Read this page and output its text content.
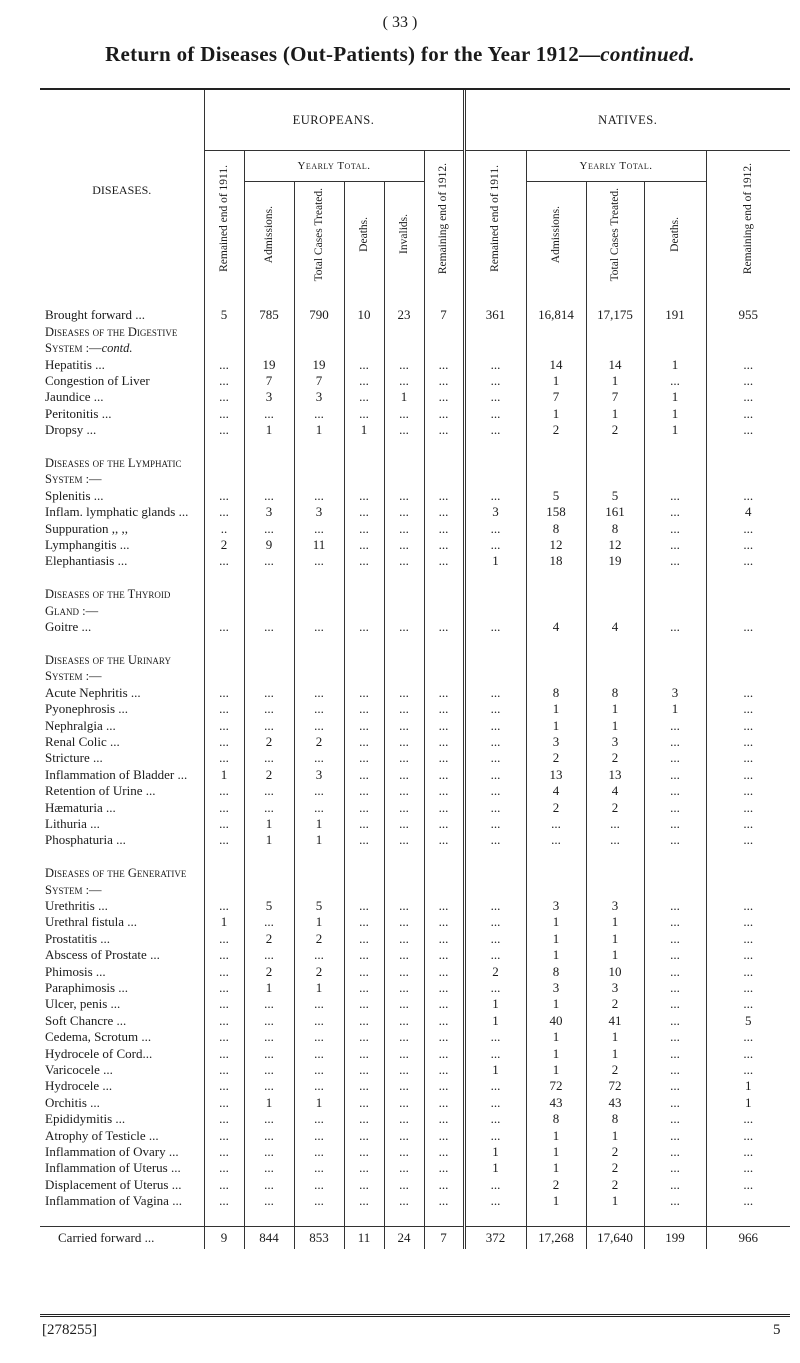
( 33 )
Return of Diseases (Out-Patients) for the Year 1912—continued.
DISEASES.	EUROPEANS.						NATIVES.				
	Remained end of 1911.	Yearly Total.				Remaining end of 1912.	Remained end of 1911.	Yearly Total.			Remaining end of 1912.
		Admissions.	Total Cases Treated.	Deaths.	Invalids.			Admissions.	Total Cases Treated.	Deaths.	

Brought forward ...	5	785	790	10	23	7	361	16,814	17,175	191	955
Diseases of the Digestive											
System :—contd.											
Hepatitis ...	...	19	19	...	...	...	...	14	14	1	...
Congestion of Liver	...	7	7	...	...	...	...	1	1	...	...
Jaundice ...	...	3	3	...	1	...	...	7	7	1	...
Peritonitis ...	...	...	...	...	...	...	...	1	1	1	...
Dropsy ...	...	1	1	1	...	...	...	2	2	1	...

Diseases of the Lymphatic											
System :—											
Splenitis ...	...	...	...	...	...	...	...	5	5	...	...
Inflam. lymphatic glands ...	...	3	3	...	...	...	3	158	161	...	4
Suppuration ,, ,,	..	...	...	...	...	...	...	8	8	...	...
Lymphangitis ...	2	9	11	...	...	...	...	12	12	...	...
Elephantiasis ...	...	...	...	...	...	...	1	18	19	...	...

Diseases of the Thyroid											
Gland :—											
Goitre ...	...	...	...	...	...	...	...	4	4	...	...

Diseases of the Urinary											
System :—											
Acute Nephritis ...	...	...	...	...	...	...	...	8	8	3	...
Pyonephrosis ...	...	...	...	...	...	...	...	1	1	1	...
Nephralgia ...	...	...	...	...	...	...	...	1	1	...	...
Renal Colic ...	...	2	2	...	...	...	...	3	3	...	...
Stricture ...	...	...	...	...	...	...	...	2	2	...	...
Inflammation of Bladder ...	1	2	3	...	...	...	...	13	13	...	...
Retention of Urine ...	...	...	...	...	...	...	...	4	4	...	...
Hæmaturia ...	...	...	...	...	...	...	...	2	2	...	...
Lithuria ...	...	1	1	...	...	...	...	...	...	...	...
Phosphaturia ...	...	1	1	...	...	...	...	...	...	...	...

Diseases of the Generative											
System :—											
Urethritis ...	...	5	5	...	...	...	...	3	3	...	...
Urethral fistula ...	1	...	1	...	...	...	...	1	1	...	...
Prostatitis ...	...	2	2	...	...	...	...	1	1	...	...
Abscess of Prostate ...	...	...	...	...	...	...	...	1	1	...	...
Phimosis ...	...	2	2	...	...	...	2	8	10	...	...
Paraphimosis ...	...	1	1	...	...	...	...	3	3	...	...
Ulcer, penis ...	...	...	...	...	...	...	1	1	2	...	...
Soft Chancre ...	...	...	...	...	...	...	1	40	41	...	5
Cedema, Scrotum ...	...	...	...	...	...	...	...	1	1	...	...
Hydrocele of Cord...	...	...	...	...	...	...	...	1	1	...	...
Varicocele ...	...	...	...	...	...	...	1	1	2	...	...
Hydrocele ...	...	...	...	...	...	...	...	72	72	...	1
Orchitis ...	...	1	1	...	...	...	...	43	43	...	1
Epididymitis ...	...	...	...	...	...	...	...	8	8	...	...
Atrophy of Testicle ...	...	...	...	...	...	...	...	1	1	...	...
Inflammation of Ovary ...	...	...	...	...	...	...	1	1	2	...	...
Inflammation of Uterus ...	...	...	...	...	...	...	1	1	2	...	...
Displacement of Uterus ...	...	...	...	...	...	...	...	2	2	...	...
Inflammation of Vagina ...	...	...	...	...	...	...	...	1	1	...	...

Carried forward ...	9	844	853	11	24	7	372	17,268	17,640	199	966
[278255]	5
